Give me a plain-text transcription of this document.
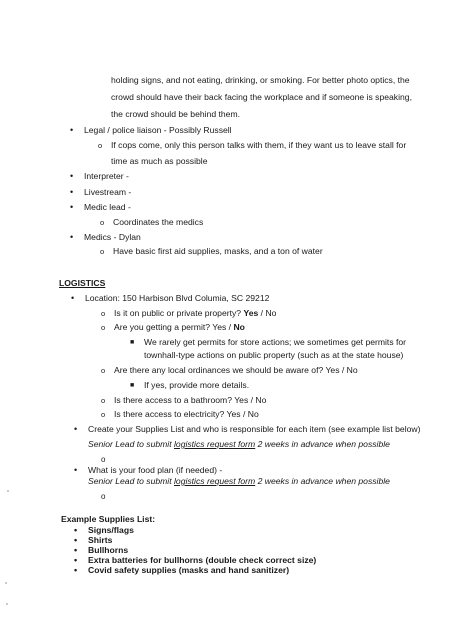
holding signs, and not eating, drinking, or smoking. For better photo optics, the
crowd should have their back facing the workplace and if someone is speaking,
the crowd should be behind them.
• Legal / police liaison - Possibly Russell
o If cops come, only this person talks with them, if they want us to leave stall for
time as much as possible
• Interpreter -
• Livestream -
• Medic lead -
o Coordinates the medics
• Medics - Dylan
o Have basic first aid supplies, masks, and a ton of water
LOGISTICS
• Location: 150 Harbison Blvd Columia, SC 29212
o Is it on public or private property? Yes / No
o Are you getting a permit? Yes / No
■ We rarely get permits for store actions; we sometimes get permits for
townhall-type actions on public property (such as at the state house)
o Are there any local ordinances we should be aware of? Yes / No
■ If yes, provide more details.
o Is there access to a bathroom? Yes / No
o Is there access to electricity? Yes / No
• Create your Supplies List and who is responsible for each item (see example list below)
Senior Lead to submit logistics request form 2 weeks in advance when possible
o
• What is your food plan (if needed) -
Senior Lead to submit logistics request form 2 weeks in advance when possible
o
Example Supplies List:
• Signs/flags
• Shirts
• Bullhorns
• Extra batteries for bullhorns (double check correct size)
• Covid safety supplies (masks and hand sanitizer)
